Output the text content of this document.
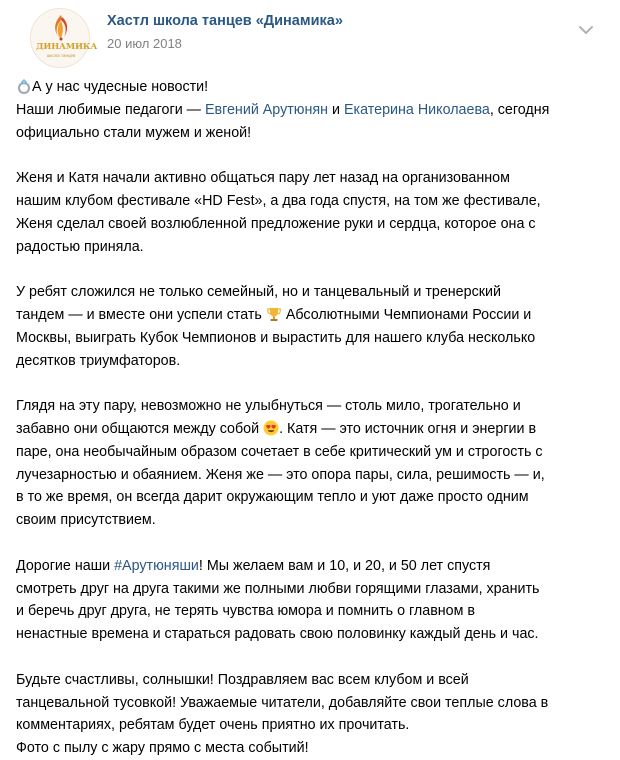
ДИНАМИКА
школа танцев
Хастл школа танцев «Динамика»
20 июл 2018

А у нас чудесные новости!
Наши любимые педагоги — Евгений Арутюнян и Екатерина Николаева, сегодня
официально стали мужем и женой!

Женя и Катя начали активно общаться пару лет назад на организованном
нашим клубом фестивале «HD Fest», а два года спустя, на том же фестивале,
Женя сделал своей возлюбленной предложение руки и сердца, которое она с
радостью приняла.

У ребят сложился не только семейный, но и танцевальный и тренерский
тандем — и вместе они успели стать
Абсолютными Чемпионами России и
Москвы, выиграть Кубок Чемпионов и вырастить для нашего клуба несколько
десятков триумфаторов.

Глядя на эту пару, невозможно не улыбнуться — столь мило, трогательно и
забавно они общаются между собой
. Катя — это источник огня и энергии в
паре, она необычайным образом сочетает в себе критический ум и строгость с
лучезарностью и обаянием. Женя же — это опора пары, сила, решимость — и,
в то же время, он всегда дарит окружающим тепло и уют даже просто одним
своим присутствием.

Дорогие наши #Арутюняши! Мы желаем вам и 10, и 20, и 50 лет спустя
смотреть друг на друга такими же полными любви горящими глазами, хранить
и беречь друг друга, не терять чувства юмора и помнить о главном в
ненастные времена и стараться радовать свою половинку каждый день и час.

Будьте счастливы, солнышки! Поздравляем вас всем клубом и всей
танцевальной тусовкой! Уважаемые читатели, добавляйте свои теплые слова в
комментариях, ребятам будет очень приятно их прочитать.
Фото с пылу с жару прямо с места событий!
